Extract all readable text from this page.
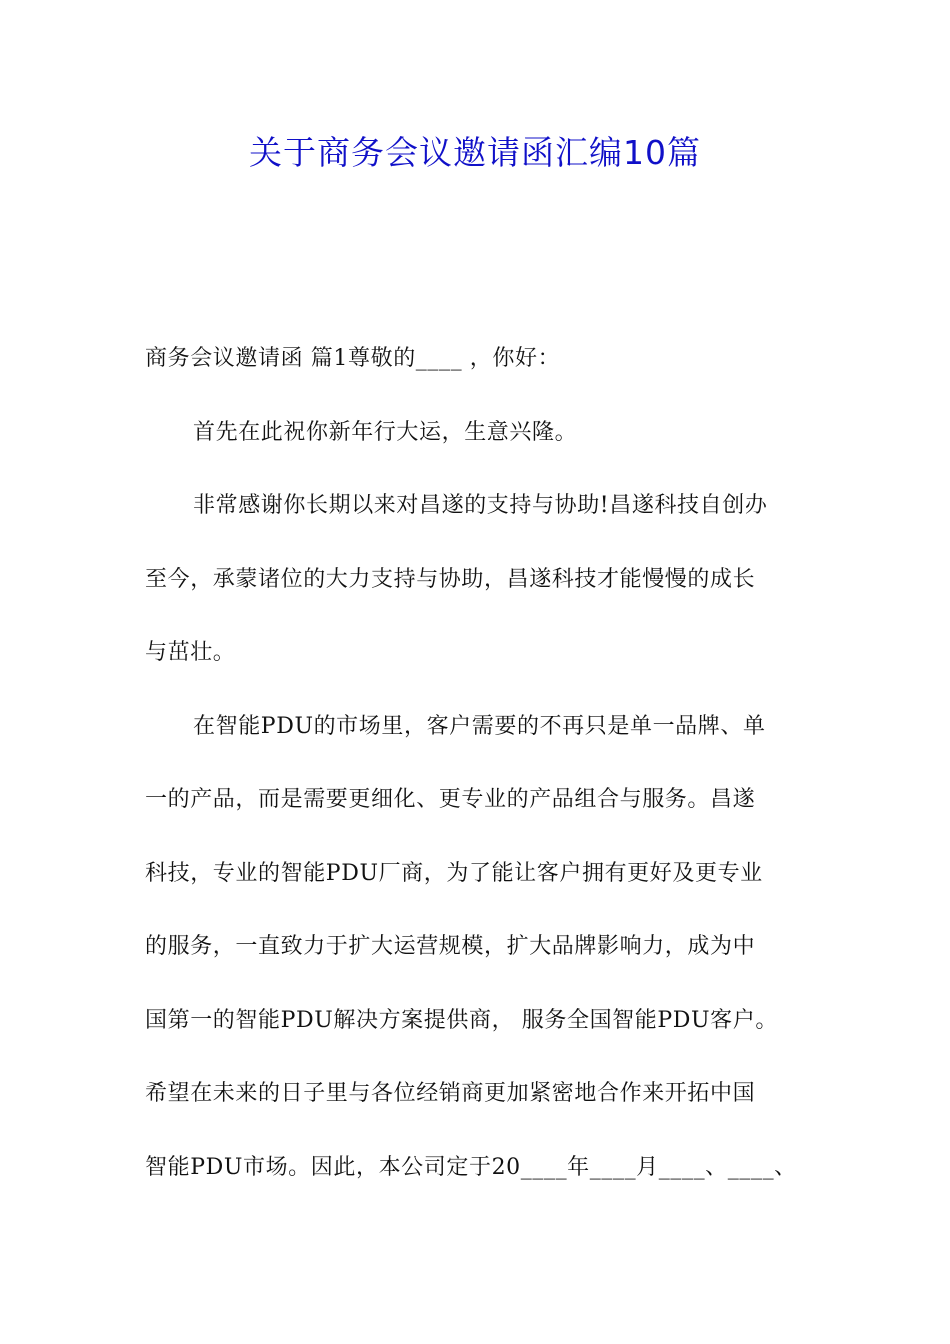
关于商务会议邀请函汇编10篇
商务会议邀请函 篇1尊敬的____ ，你好：
首先在此祝你新年行大运，生意兴隆。
非常感谢你长期以来对昌遂的支持与协助!昌遂科技自创办
至今，承蒙诸位的大力支持与协助，昌遂科技才能慢慢的成长
与茁壮。
在智能PDU的市场里，客户需要的不再只是单一品牌、单
一的产品，而是需要更细化、更专业的产品组合与服务。昌遂
科技，专业的智能PDU厂商，为了能让客户拥有更好及更专业
的服务，一直致力于扩大运营规模，扩大品牌影响力，成为中
国第一的智能PDU解决方案提供商， 服务全国智能PDU客户。
希望在未来的日子里与各位经销商更加紧密地合作来开拓中国
智能PDU市场。因此，本公司定于20____年____月____、____、
